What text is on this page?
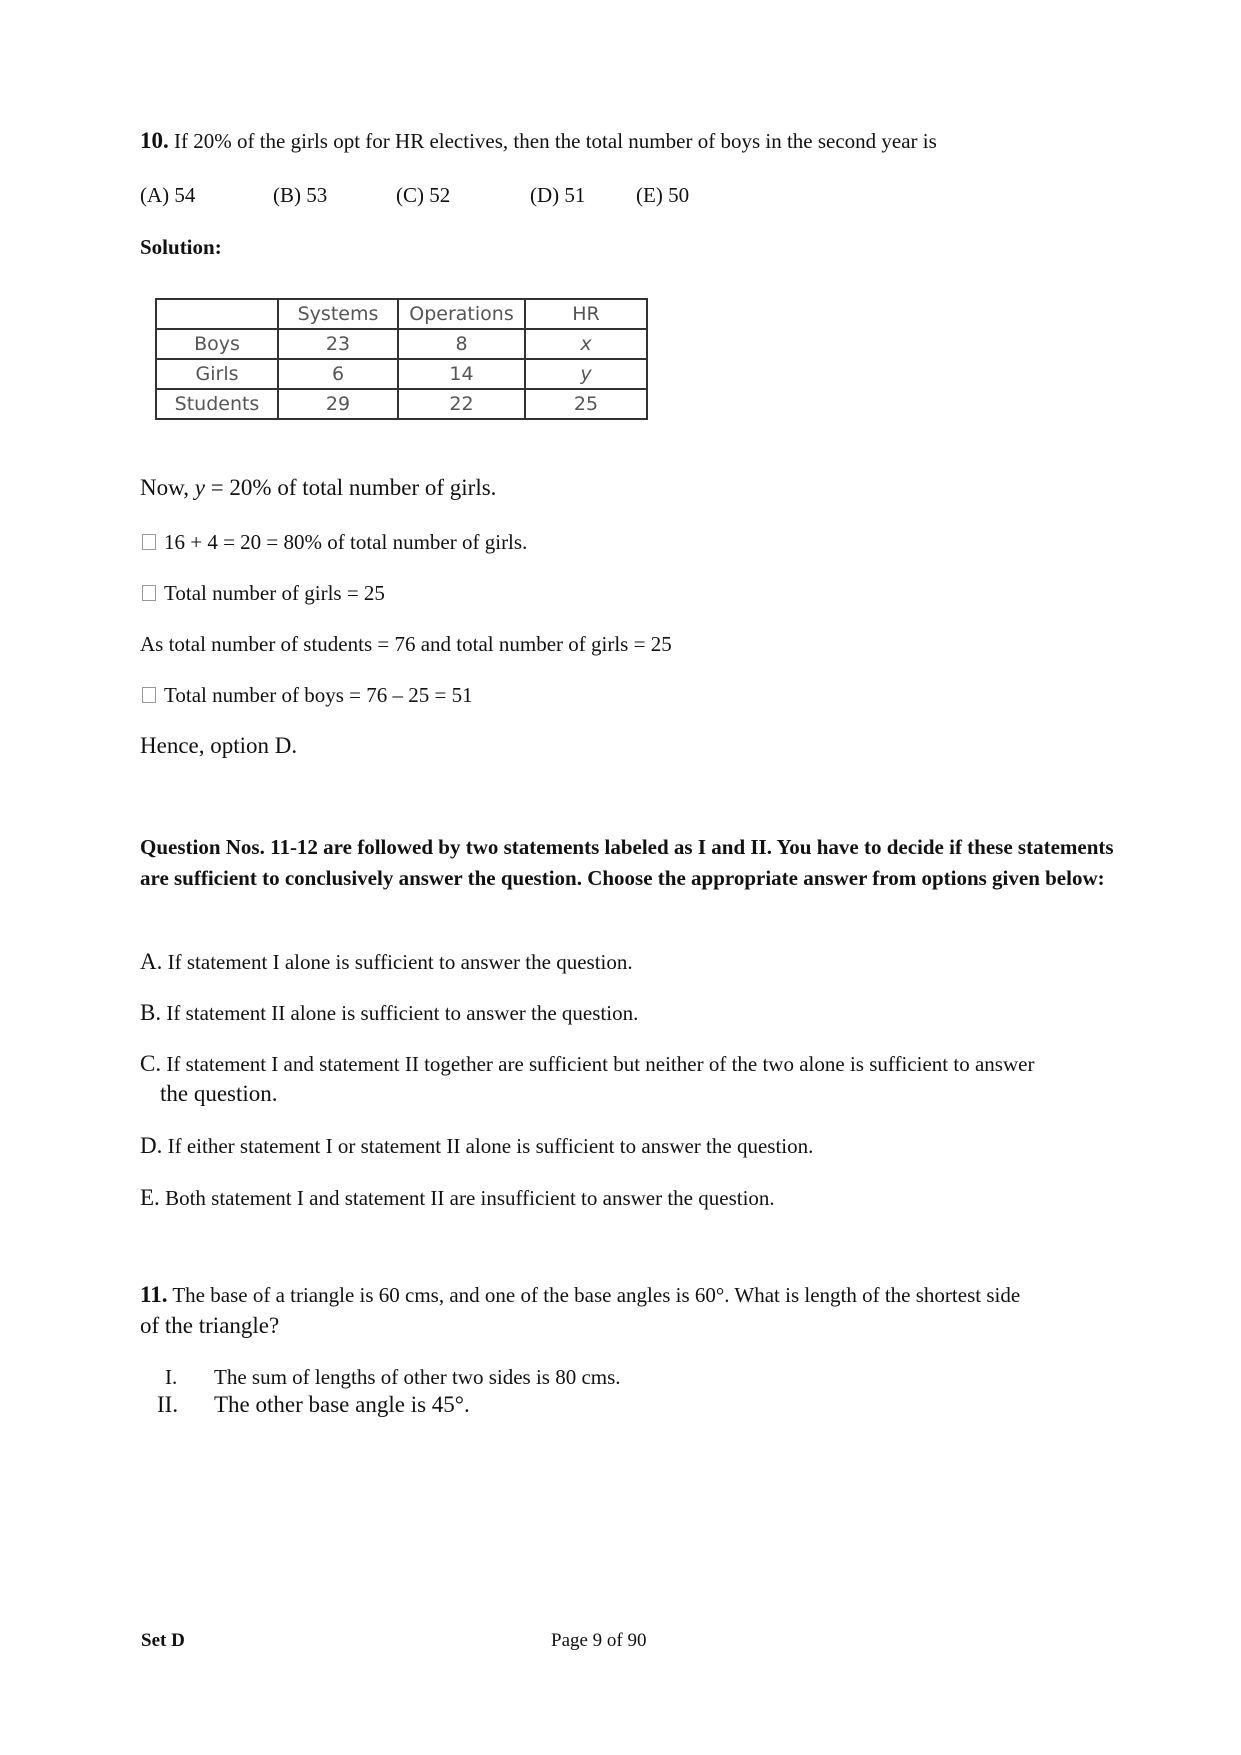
10. If 20% of the girls opt for HR electives, then the total number of boys in the second year is
(A) 54	(B) 53	(C) 52	(D) 51 (E) 50
Solution:
	Systems	Operations	HR
Boys	23	8	x
Girls	6	14	y
Students	29	22	25
Now, y = 20% of total number of girls.
16 + 4 = 20 = 80% of total number of girls.
Total number of girls = 25
As total number of students = 76 and total number of girls = 25
Total number of boys = 76 – 25 = 51
Hence, option D.
Question Nos. 11-12 are followed by two statements labeled as I and II. You have to decide if these statements are sufficient to conclusively answer the question. Choose the appropriate answer from options given below:
A. If statement I alone is sufficient to answer the question.
B. If statement II alone is sufficient to answer the question.
C. If statement I and statement II together are sufficient but neither of the two alone is sufficient to answer
the question.
D. If either statement I or statement II alone is sufficient to answer the question.
E. Both statement I and statement II are insufficient to answer the question.
11. The base of a triangle is 60 cms, and one of the base angles is 60°. What is length of the shortest side
of the triangle?
I. The sum of lengths of other two sides is 80 cms.
II. The other base angle is 45°.
Set D	Page 9 of 90
